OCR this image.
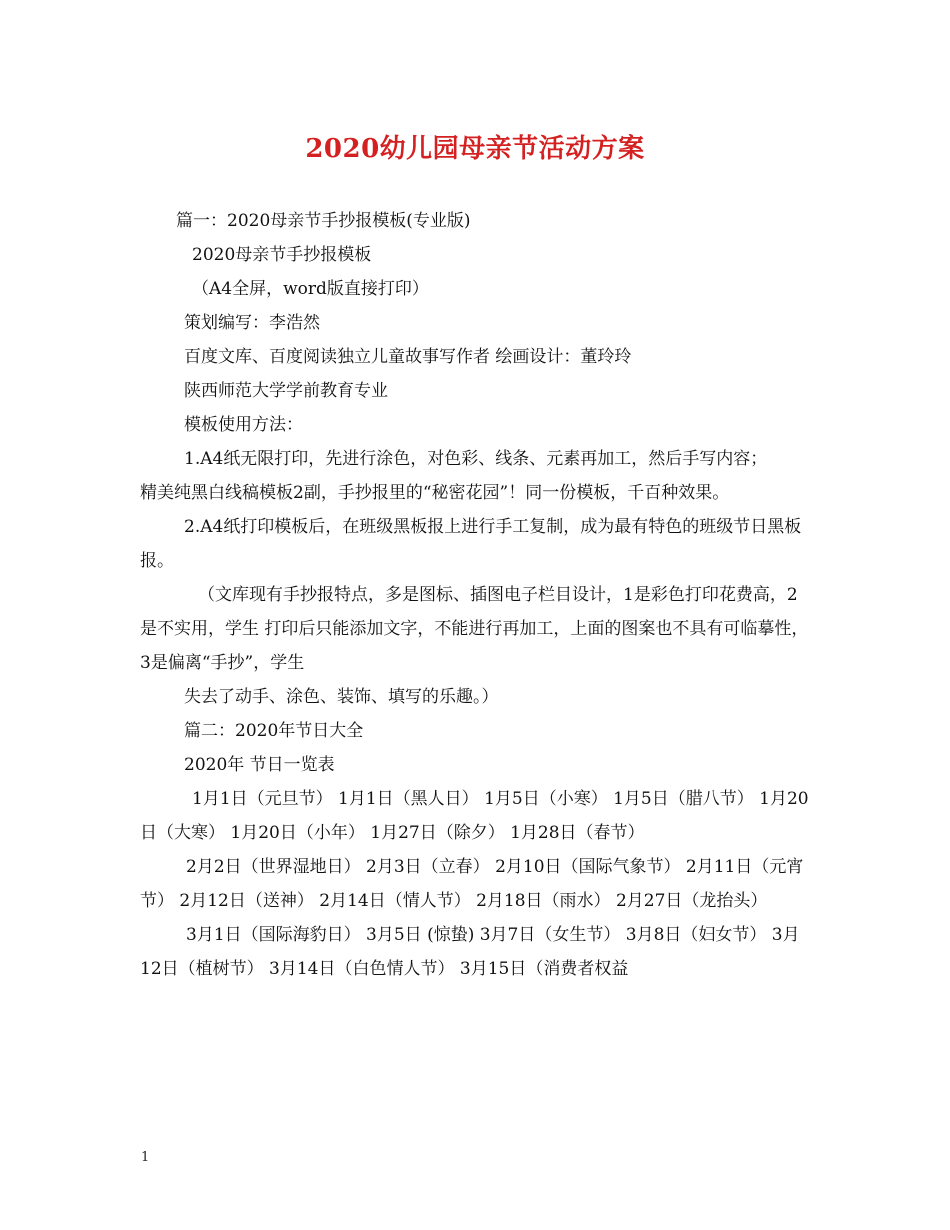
2020幼儿园母亲节活动方案

篇一：2020母亲节手抄报模板(专业版)

2020母亲节手抄报模板

（A4全屏，word版直接打印）

策划编写：李浩然

百度文库、百度阅读独立儿童故事写作者 绘画设计：董玲玲

陕西师范大学学前教育专业

模板使用方法：

1.A4纸无限打印，先进行涂色，对色彩、线条、元素再加工，然后手写内容；

精美纯黑白线稿模板2副，手抄报里的“秘密花园”！同一份模板，千百种效果。

2.A4纸打印模板后，在班级黑板报上进行手工复制，成为最有特色的班级节日黑板报。

（文库现有手抄报特点，多是图标、插图电子栏目设计，1是彩色打印花费高，2是不实用，学生 打印后只能添加文字，不能进行再加工，上面的图案也不具有可临摹性，3是偏离“手抄”，学生

失去了动手、涂色、装饰、填写的乐趣。）

篇二：2020年节日大全

2020年 节日一览表

1月1日（元旦节） 1月1日（黑人日） 1月5日（小寒） 1月5日（腊八节） 1月20日（大寒） 1月20日（小年） 1月27日（除夕） 1月28日（春节）

2月2日（世界湿地日） 2月3日（立春） 2月10日（国际气象节） 2月11日（元宵节） 2月12日（送神） 2月14日（情人节） 2月18日（雨水） 2月27日（龙抬头）

3月1日（国际海豹日） 3月5日 (惊蛰) 3月7日（女生节） 3月8日（妇女节） 3月12日（植树节） 3月14日（白色情人节） 3月15日（消费者权益

1
